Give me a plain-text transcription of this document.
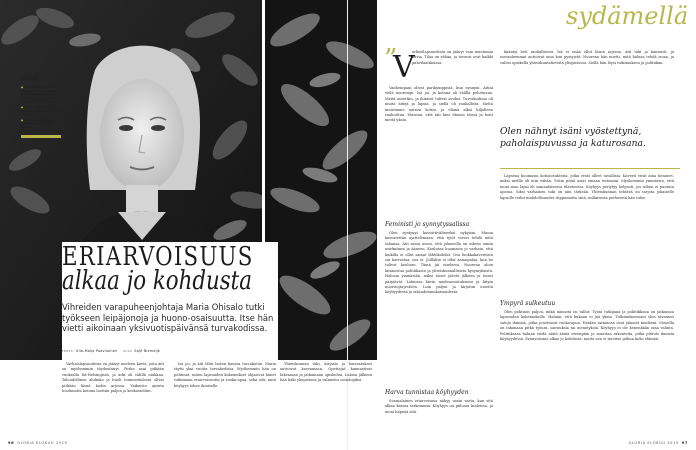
Kuka
● Maria Ohisalo, 30, on köyhyystutkija ja poliitikko. Valittiin keväällä Helsingin varapuheenjohtajaksi. On kotoisin Itä-Helsingistä.
● Tutkimusaiheet ovat köyhyys ja eriarvoisuus sekä ruoka-apu.
● Harrastaa lukemista, liikuntaa ja konserteissa käymistä.
ERIARVOISUUS
alkaa jo kohdusta
Vihreiden varapuheenjohtaja Maria Ohisalo tutki työkseen leipäjonoja ja huono-osaisuutta. Itse hän vietti aikoinaan yksivuotispäivänsä turvakodissa.
TEKSTI Ulla-Maija Paavilainen KUVA Sajé Niemdijk

Varhaislapsuudesta on jäänyt mieleen kuvia, joita äiti on myöhemmin täydentänyt. Perhe asui pitkään vuokralla Itä-Helsingissä, ja arki oli välillä niukkaa. Taloudellinen ahdinko ja huoli toimeentulosta olivat pitkään läsnä kodin arjessa. Vaikeista ajoista huolimatta kotona luettiin paljon ja keskusteltiin.

Isä joi, ja äiti lähti lasten kanssa turvakotiin. Maria täytti yksi vuotta turvakodissa. Myöhemmin hän on pohtinut, miten lapsuuden kokemukset ohjasivat hänet tutkimaan eriarvoisuutta ja ruoka-apua, sekä sitä, mitä köyhyys tekee ihmiselle.

Yhteiskunnan tuki, kirjasto ja harrastukset auttoivat kasvamaan. Opettajat kannustivat lukemaan ja jatkamaan opiskelua. Lukion jälkeen hän haki yliopistoon ja valmistui sosiologiksi.

sydämellä
”
V

arhaislapsuudesta on jäänyt vain muutamia kuvia. Tilaa on vähän, ja tavarat ovat kaikki pahvilaatikoissa.

Vanhempani olivat parikymppisiä, kun synnyin. Äitini vielä nuorempi. Isä joi, ja kotona oli välillä pelottavaa. Meitä autettiin, ja ihmiset tulivat avuksi. Turvakodissa oli muita äitejä ja lapsia, ja siellä oli rauhallista. Sieltä muutimme uuteen kotiin, ja elämä alkoi hiljalleen rauhoittua. Muistan, että äiti kävi iltaisin töissä ja hoiti meitä yksin.

Feministi jo synnytyssalissa

Olen syntynyt kasvattivälineeksi nykyisin. Minua kasvatettiin ajattelemaan, että tytöt voivat tehdä mitä tahansa. Äiti sanoi usein, että jokaisella on oikeus omiin unelmiinsa ja ääneen. Koulussa huomasin jo varhain, että kaikilla ei ollut samat lähtökohdat. Osa luokkakavereista sai harrastaa, osa ei. Joillakin ei ollut aamupalaa, kun he tulivat kouluun. Tämä jäi mieleeni. Nuorena aloin kiinnostua politiikasta ja yhteiskunnallisista kysymyksistä. Halusin ymmärtää, miksi toiset jäävät jälkeen ja toiset pärjäävät. Lukiossa kävin mielenosoituksissa ja liityin nuorisojärjestöön. Luin paljon ja kirjoitin esseitä köyhyydestä ja oikeudenmukaisuudesta.

Harva tunnistaa köyhyyden

Suomalainen eriarvoisuus näkyy usein vasta, kun sitä alkaa katsoa tarkemmin. Köyhyys on piilossa kodeissa, ja moni häpeää sitä.

kääntyi heti rauhallisesti. Isä ei enää ollut läsnä arjessa. Äiti tuki ja kannusti, ja isovanhemmat auttoivat aina kun pystyivät. Nuorena hän mietti, mitä haluaa tehdä isona, ja valitsi opiskella yhteiskuntatieteitä yliopistossa. Siellä hän löysi tutkimuksen ja politiikan.

Olen nähnyt isäni vyöstettynä, paholaispuvussa ja katurosana.

Lapsena huomasin kotiolosuhteita, jotka eivät olleet tavallisia. Kaverit eivät aina tienneet, miksi meillä oli niin vähän. Yritin pitää asiat omana tietonani. Myöhemmin ymmärsin, että moni muu lapsi eli samanlaisessa tilanteessa. Köyhyys periytyy helposti, jos siihen ei puututa ajoissa. Siksi varhainen tuki on niin tärkeää. Yhteiskunnan tehtävä on tarjota jokaiselle lapselle reilut mahdollisuudet riippumatta siitä, millaisesta perheestä hän tulee.

Ympyrä sulkeutuu

Olen pohtinut paljon, mikä minusta on tullut. Työni tutkijana ja poliitikkona on jatkumoa lapsuuden kokemuksille. Haluan, että kukaan ei jää yksin. Tutkimuksessani olen tavannut satoja ihmisiä, jotka jonottavat ruoka-apua. Heidän tarinansa ovat jääneet mieleeni. Monella on takanaan pitkä työura, sairauksia tai menetyksiä. Köyhyys ei ole kenenkään oma valinta. Politiikassa haluan viedä näitä ääniä eteenpäin ja muuttaa rakenteita, jotka pitävät ihmisiä köyhyydessä. Eriarvoisuus alkaa jo kohdusta, mutta sen ei tarvitse jatkua koko elämää.

96 GLORIA ELOKUU 2015	GLORIA ELOKUU 2015 97
